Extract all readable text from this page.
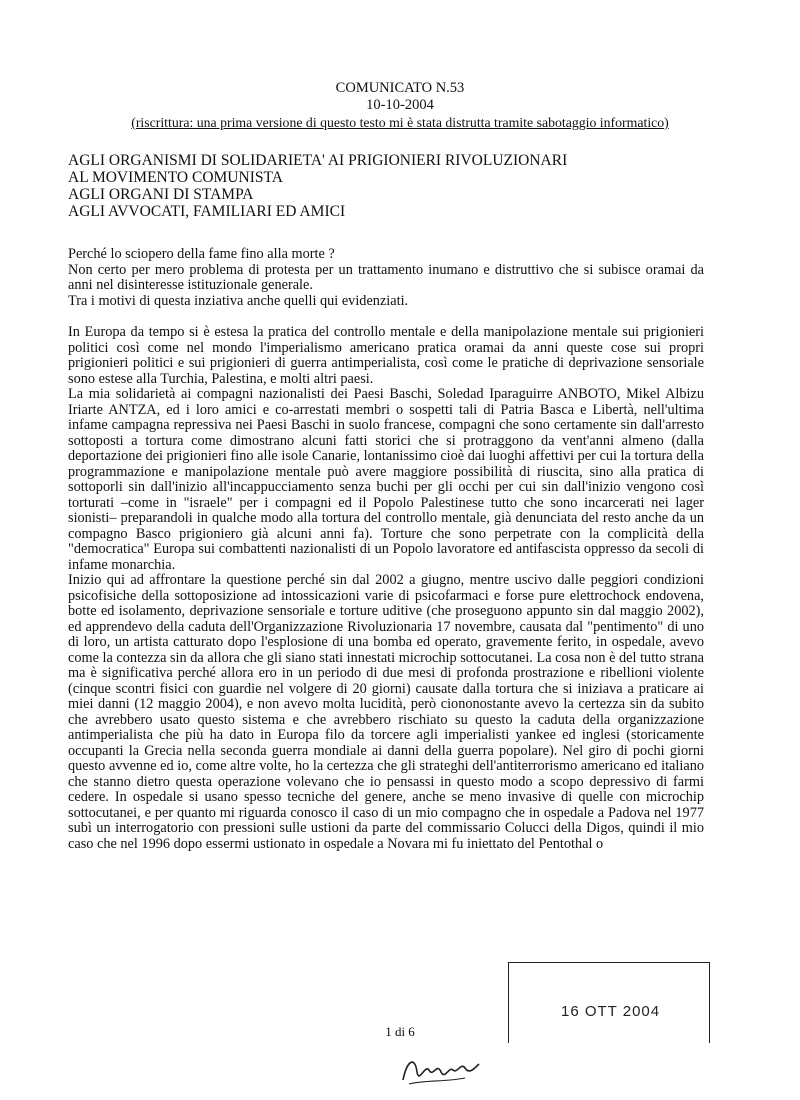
COMUNICATO N.53
10-10-2004
(riscrittura: una prima versione di questo testo mi è stata distrutta tramite sabotaggio informatico)
AGLI ORGANISMI DI SOLIDARIETA' AI PRIGIONIERI RIVOLUZIONARI
AL MOVIMENTO COMUNISTA
AGLI ORGANI DI STAMPA
AGLI AVVOCATI, FAMILIARI ED AMICI

Perché lo sciopero della fame fino alla morte ?

Non certo per mero problema di protesta per un trattamento inumano e distruttivo che si subisce oramai da anni nel disinteresse istituzionale generale.

Tra i motivi di questa inziativa anche quelli qui evidenziati.

In Europa da tempo si è estesa la pratica del controllo mentale e della manipolazione mentale sui prigionieri politici così come nel mondo l'imperialismo americano pratica oramai da anni queste cose sui propri prigionieri politici e sui prigionieri di guerra antimperialista, così come le pratiche di deprivazione sensoriale sono estese alla Turchia, Palestina, e molti altri paesi.

La mia solidarietà ai compagni nazionalisti dei Paesi Baschi, Soledad Iparaguirre ANBOTO, Mikel Albizu Iriarte ANTZA, ed i loro amici e co-arrestati membri o sospetti tali di Patria Basca e Libertà, nell'ultima infame campagna repressiva nei Paesi Baschi in suolo francese, compagni che sono certamente sin dall'arresto sottoposti a tortura come dimostrano alcuni fatti storici che si protraggono da vent'anni almeno (dalla deportazione dei prigionieri fino alle isole Canarie, lontanissimo cioè dai luoghi affettivi per cui la tortura della programmazione e manipolazione mentale può avere maggiore possibilità di riuscita, sino alla pratica di sottoporli sin dall'inizio all'incappucciamento senza buchi per gli occhi per cui sin dall'inizio vengono così torturati –come in "israele" per i compagni ed il Popolo Palestinese tutto che sono incarcerati nei lager sionisti– preparandoli in qualche modo alla tortura del controllo mentale, già denunciata del resto anche da un compagno Basco prigioniero già alcuni anni fa). Torture che sono perpetrate con la complicità della "democratica" Europa sui combattenti nazionalisti di un Popolo lavoratore ed antifascista oppresso da secoli di infame monarchia.

Inizio qui ad affrontare la questione perché sin dal 2002 a giugno, mentre uscivo dalle peggiori condizioni psicofisiche della sottoposizione ad intossicazioni varie di psicofarmaci e forse pure elettrochock endovena, botte ed isolamento, deprivazione sensoriale e torture uditive (che proseguono appunto sin dal maggio 2002), ed apprendevo della caduta dell'Organizzazione Rivoluzionaria 17 novembre, causata dal "pentimento" di uno di loro, un artista catturato dopo l'esplosione di una bomba ed operato, gravemente ferito, in ospedale, avevo come la contezza sin da allora che gli siano stati innestati microchip sottocutanei. La cosa non è del tutto strana ma è significativa perché allora ero in un periodo di due mesi di profonda prostrazione e ribellioni violente (cinque scontri fisici con guardie nel volgere di 20 giorni) causate dalla tortura che si iniziava a praticare ai miei danni (12 maggio 2004), e non avevo molta lucidità, però ciononostante avevo la certezza sin da subito che avrebbero usato questo sistema e che avrebbero rischiato su questo la caduta della organizzazione antimperialista che più ha dato in Europa filo da torcere agli imperialisti yankee ed inglesi (storicamente occupanti la Grecia nella seconda guerra mondiale ai danni della guerra popolare). Nel giro di pochi giorni questo avvenne ed io, come altre volte, ho la certezza che gli strateghi dell'antiterrorismo americano ed italiano che stanno dietro questa operazione volevano che io pensassi in questo modo a scopo depressivo di farmi cedere. In ospedale si usano spesso tecniche del genere, anche se meno invasive di quelle con microchip sottocutanei, e per quanto mi riguarda conosco il caso di un mio compagno che in ospedale a Padova nel 1977 subì un interrogatorio con pressioni sulle ustioni da parte del commissario Colucci della Digos, quindi il mio caso che nel 1996 dopo essermi ustionato in ospedale a Novara mi fu iniettato del Pentothal o

16 OTT 2004
1 di 6
